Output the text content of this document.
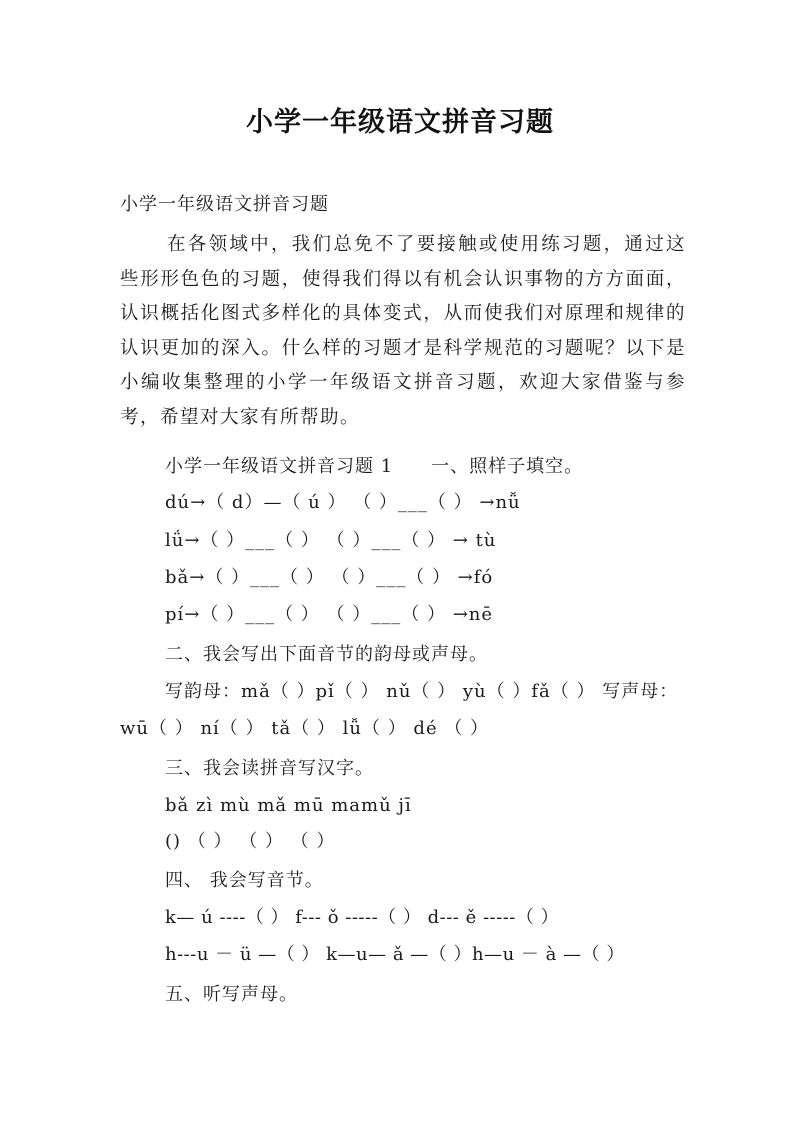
小学一年级语文拼音习题
小学一年级语文拼音习题
在各领域中，我们总免不了要接触或使用练习题，通过这些形形色色的习题，使得我们得以有机会认识事物的方方面面，认识概括化图式多样化的具体变式，从而使我们对原理和规律的认识更加的深入。什么样的习题才是科学规范的习题呢？以下是小编收集整理的小学一年级语文拼音习题，欢迎大家借鉴与参考，希望对大家有所帮助。
小学一年级语文拼音习题 1　　一、照样子填空。
dú→（ d）—（ ú ） （ ）___（ ） →nǚ
lǘ→（ ）___（ ） （ ）___（ ） → tù
bǎ→（ ）___（ ） （ ）___（ ） →fó
pí→（ ）___（ ） （ ）___（ ） →nē
二、我会写出下面音节的韵母或声母。
写韵母：mǎ（ ）pǐ（ ） nǔ（ ） yù（ ）fǎ（ ） 写声母：
wū（ ） ní（ ） tǎ（ ） lǚ（ ） dé （ ）
三、我会读拼音写汉字。
bǎ zì mù mǎ mū mamǔ jī
() （ ） （ ） （ ）
四、 我会写音节。
k— ú ----（ ） f--- ǒ -----（ ） d--- ě -----（ ）
h---u － ü —（ ） k—u— ǎ —（ ）h—u － à —（ ）
五、听写声母。
